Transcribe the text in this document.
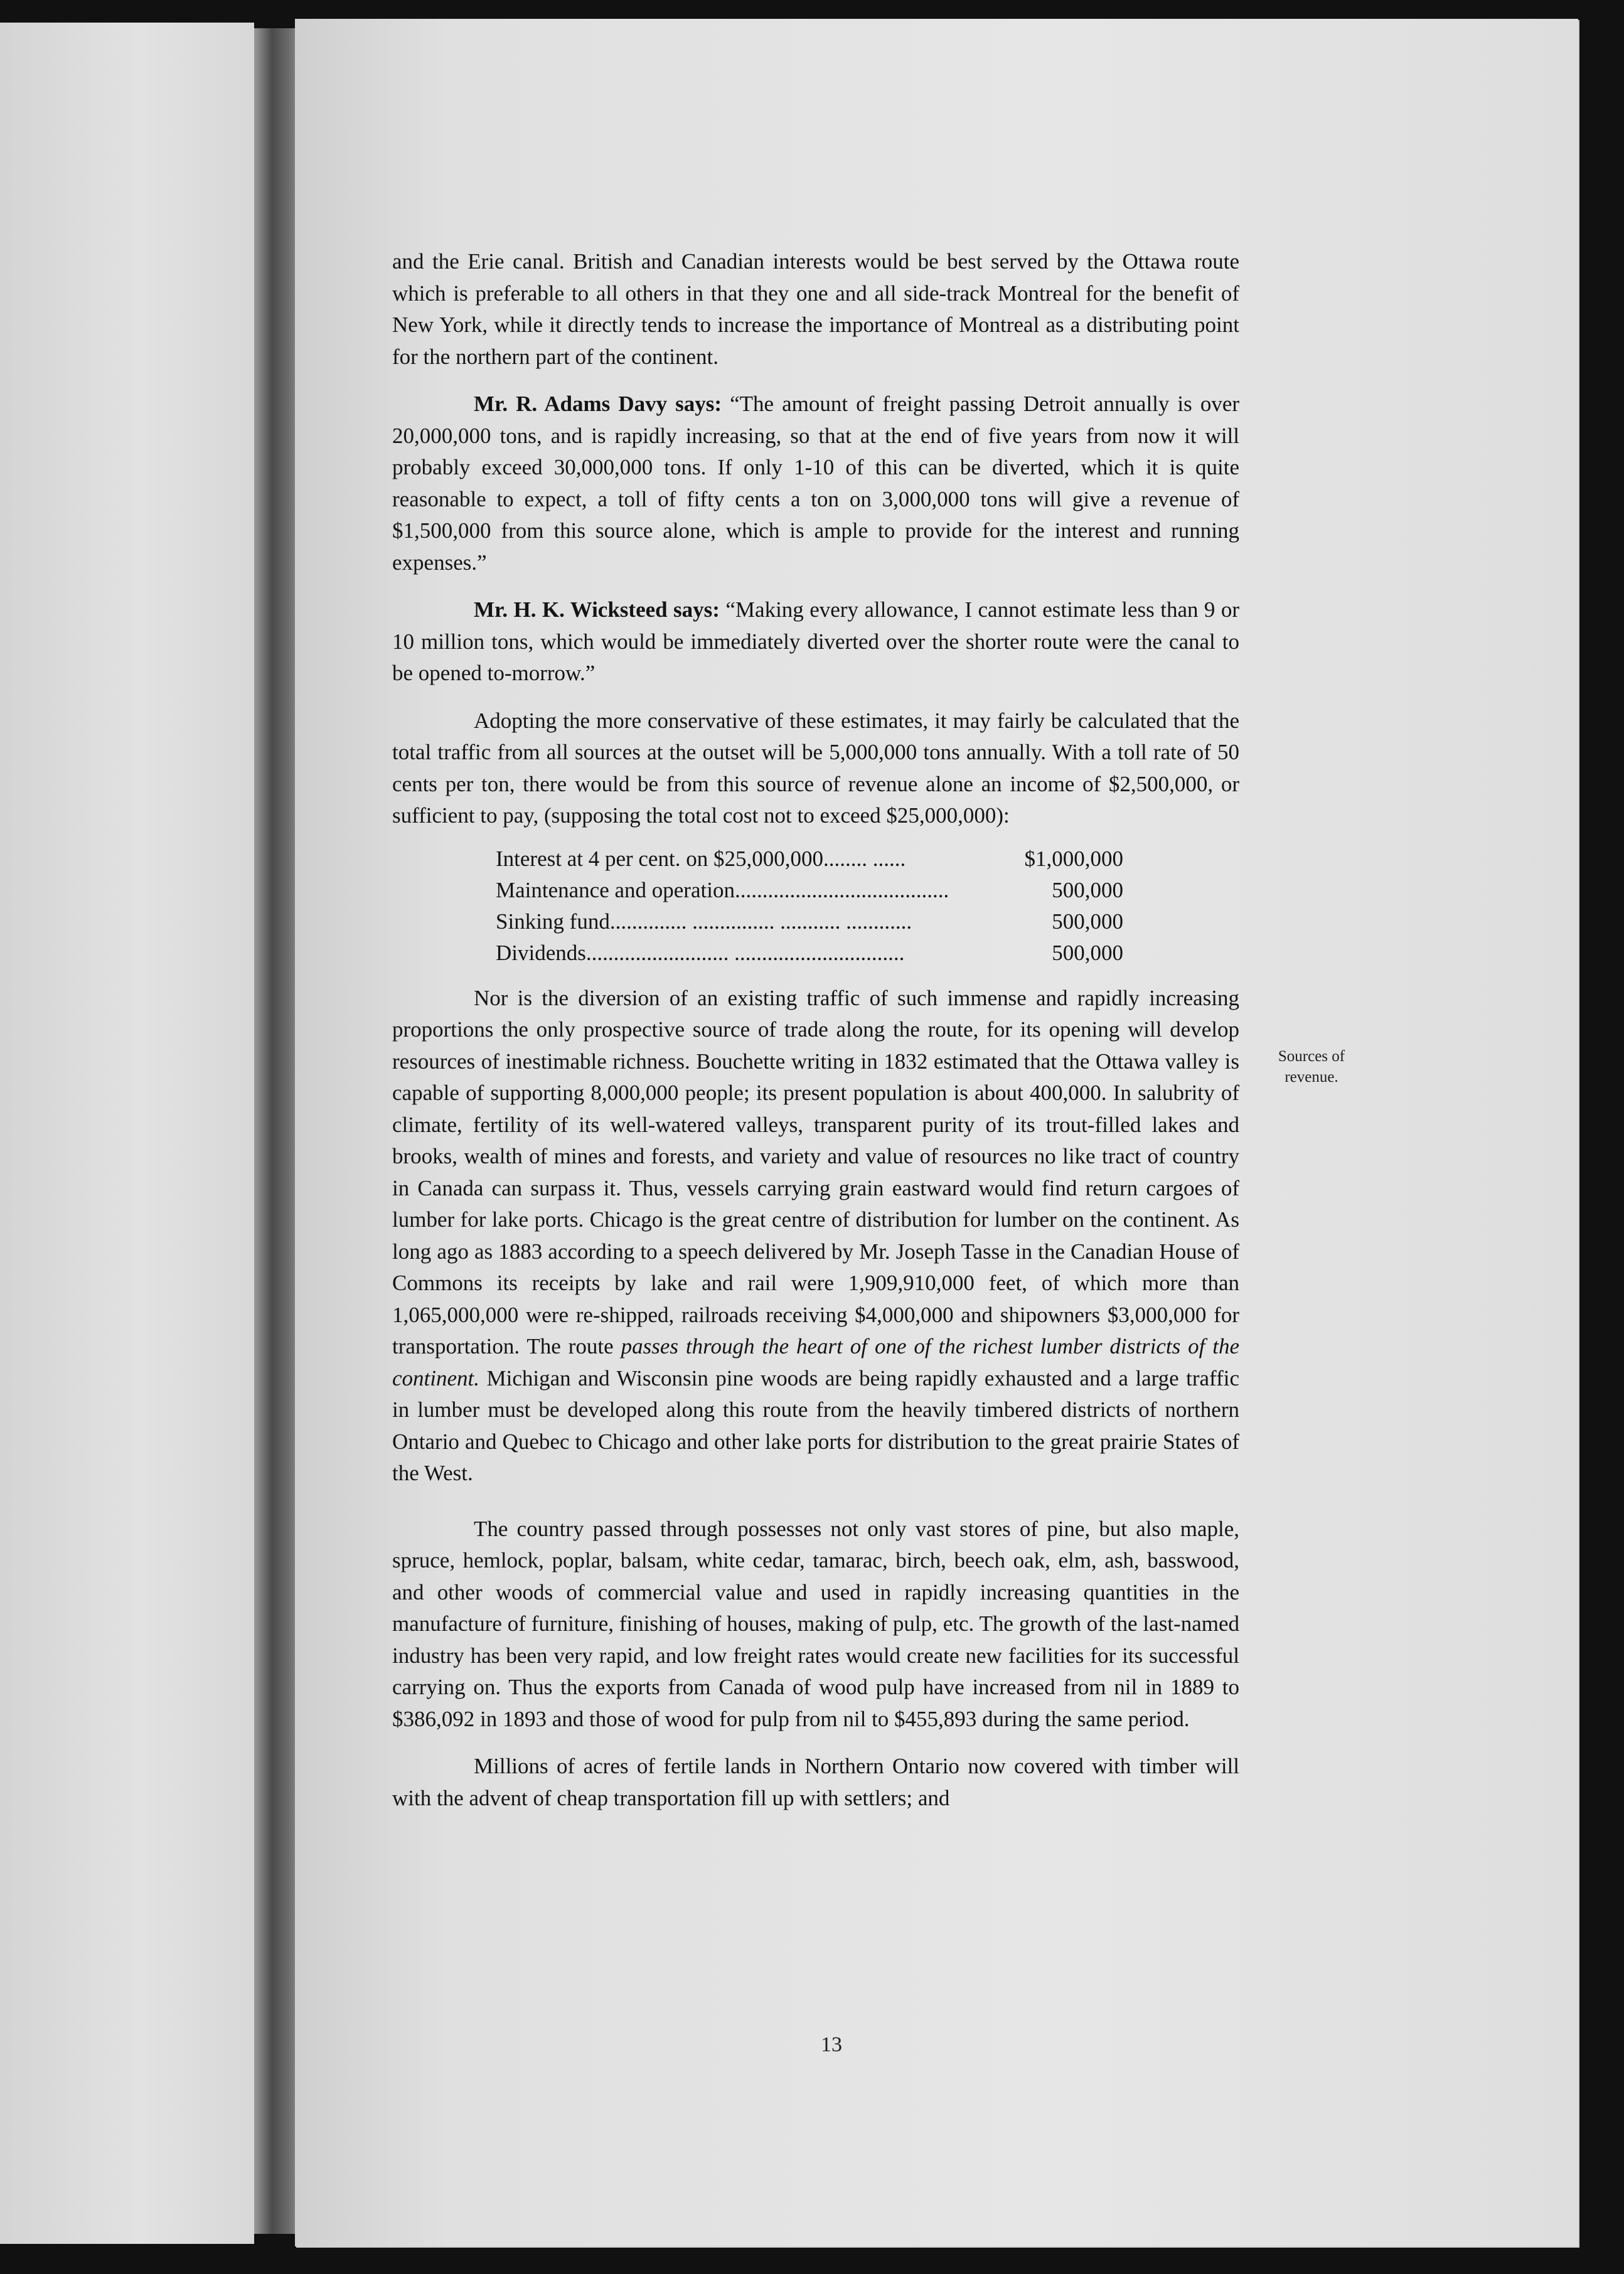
and the Erie canal. British and Canadian interests would be best served by the Ottawa route which is preferable to all others in that they one and all side-track Montreal for the benefit of New York, while it directly tends to increase the importance of Montreal as a distributing point for the northern part of the continent.

Mr. R. Adams Davy says: “The amount of freight passing Detroit annually is over 20,000,000 tons, and is rapidly increasing, so that at the end of five years from now it will probably exceed 30,000,000 tons. If only 1-10 of this can be diverted, which it is quite reasonable to expect, a toll of fifty cents a ton on 3,000,000 tons will give a revenue of $1,500,000 from this source alone, which is ample to provide for the interest and running expenses.”

Mr. H. K. Wicksteed says: “Making every allowance, I cannot estimate less than 9 or 10 million tons, which would be immediately diverted over the shorter route were the canal to be opened to-morrow.”

Adopting the more conservative of these estimates, it may fairly be calculated that the total traffic from all sources at the outset will be 5,000,000 tons annually. With a toll rate of 50 cents per ton, there would be from this source of revenue alone an income of $2,500,000, or sufficient to pay, (supposing the total cost not to exceed $25,000,000):

Interest at 4 per cent. on $25,000,000........ ......	$1,000,000
Maintenance and operation.......................................	500,000
Sinking fund.............. ............... ........... ............	500,000
Dividends.......................... ...............................	500,000

Nor is the diversion of an existing traffic of such immense and rapidly increasing proportions the only prospective source of trade along the route, for its opening will develop resources of inestimable richness. Bouchette writing in 1832 estimated that the Ottawa valley is capable of supporting 8,000,000 people; its present population is about 400,000. In salubrity of climate, fertility of its well-watered valleys, transparent purity of its trout-filled lakes and brooks, wealth of mines and forests, and variety and value of resources no like tract of country in Canada can surpass it. Thus, vessels carrying grain eastward would find return cargoes of lumber for lake ports. Chicago is the great centre of distribution for lumber on the continent. As long ago as 1883 according to a speech delivered by Mr. Joseph Tasse in the Canadian House of Commons its receipts by lake and rail were 1,909,910,000 feet, of which more than 1,065,000,000 were re-shipped, railroads receiving $4,000,000 and shipowners $3,000,000 for transportation. The route passes through the heart of one of the richest lumber districts of the continent. Michigan and Wisconsin pine woods are being rapidly exhausted and a large traffic in lumber must be developed along this route from the heavily timbered districts of northern Ontario and Quebec to Chicago and other lake ports for distribution to the great prairie States of the West.

The country passed through possesses not only vast stores of pine, but also maple, spruce, hemlock, poplar, balsam, white cedar, tamarac, birch, beech oak, elm, ash, basswood, and other woods of commercial value and used in rapidly increasing quantities in the manufacture of furniture, finishing of houses, making of pulp, etc. The growth of the last-named industry has been very rapid, and low freight rates would create new facilities for its successful carrying on. Thus the exports from Canada of wood pulp have increased from nil in 1889 to $386,092 in 1893 and those of wood for pulp from nil to $455,893 during the same period.

Millions of acres of fertile lands in Northern Ontario now covered with timber will with the advent of cheap transportation fill up with settlers; and

Sources of revenue.
13
